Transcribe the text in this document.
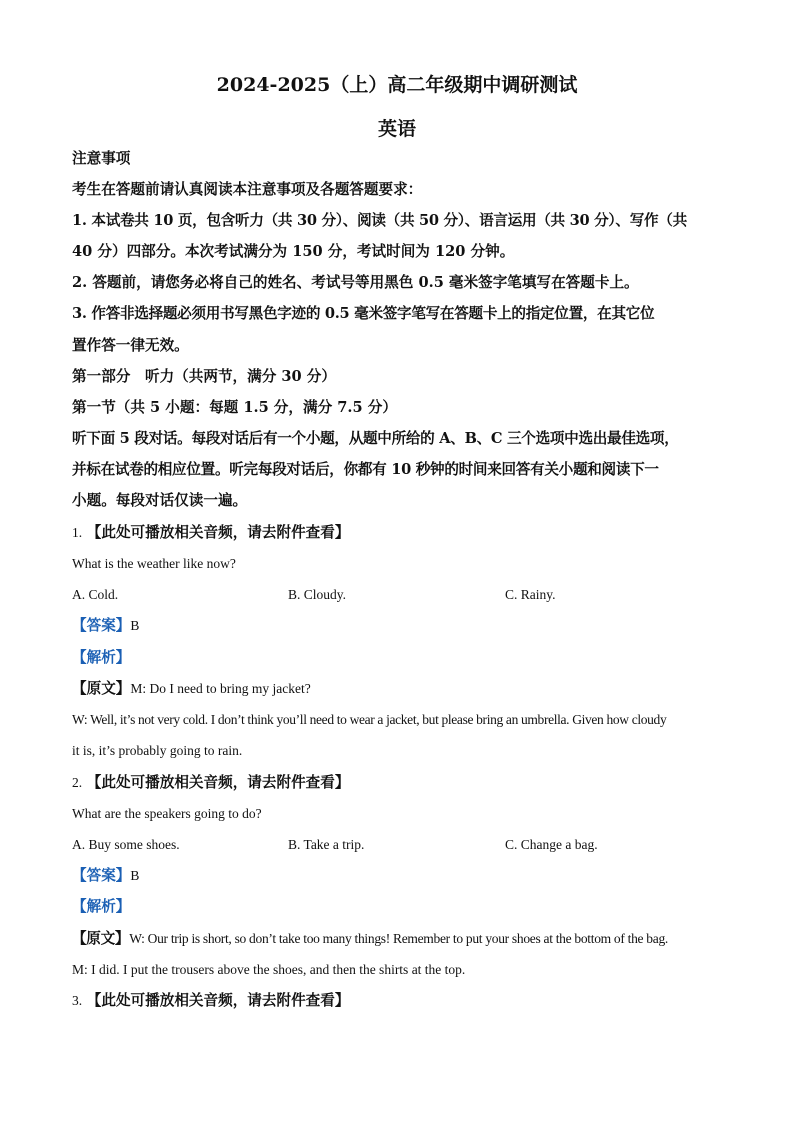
2024-2025（上）高二年级期中调研测试
英语
注意事项
考生在答题前请认真阅读本注意事项及各题答题要求：
1. 本试卷共 10 页，包含听力（共 30 分）、阅读（共 50 分）、语言运用（共 30 分）、写作（共
40 分）四部分。本次考试满分为 150 分，考试时间为 120 分钟。
2. 答题前，请您务必将自己的姓名、考试号等用黑色 0.5 毫米签字笔填写在答题卡上。
3. 作答非选择题必须用书写黑色字迹的 0.5 毫米签字笔写在答题卡上的指定位置，在其它位
置作答一律无效。
第一部分　听力（共两节，满分 30 分）
第一节（共 5 小题：每题 1.5 分，满分 7.5 分）
听下面 5 段对话。每段对话后有一个小题，从题中所给的 A、B、C 三个选项中选出最佳选项，
并标在试卷的相应位置。听完每段对话后，你都有 10 秒钟的时间来回答有关小题和阅读下一
小题。每段对话仅读一遍。
1. 【此处可播放相关音频，请去附件查看】
What is the weather like now?
A. Cold.	B. Cloudy.	C. Rainy.
【答案】B
【解析】
【原文】M: Do I need to bring my jacket?
W: Well, it’s not very cold. I don’t think you’ll need to wear a jacket, but please bring an umbrella. Given how cloudy
it is, it’s probably going to rain.
2. 【此处可播放相关音频，请去附件查看】
What are the speakers going to do?
A. Buy some shoes.	B. Take a trip.	C. Change a bag.
【答案】B
【解析】
【原文】W: Our trip is short, so don’t take too many things! Remember to put your shoes at the bottom of the bag.
M: I did. I put the trousers above the shoes, and then the shirts at the top.
3. 【此处可播放相关音频，请去附件查看】
